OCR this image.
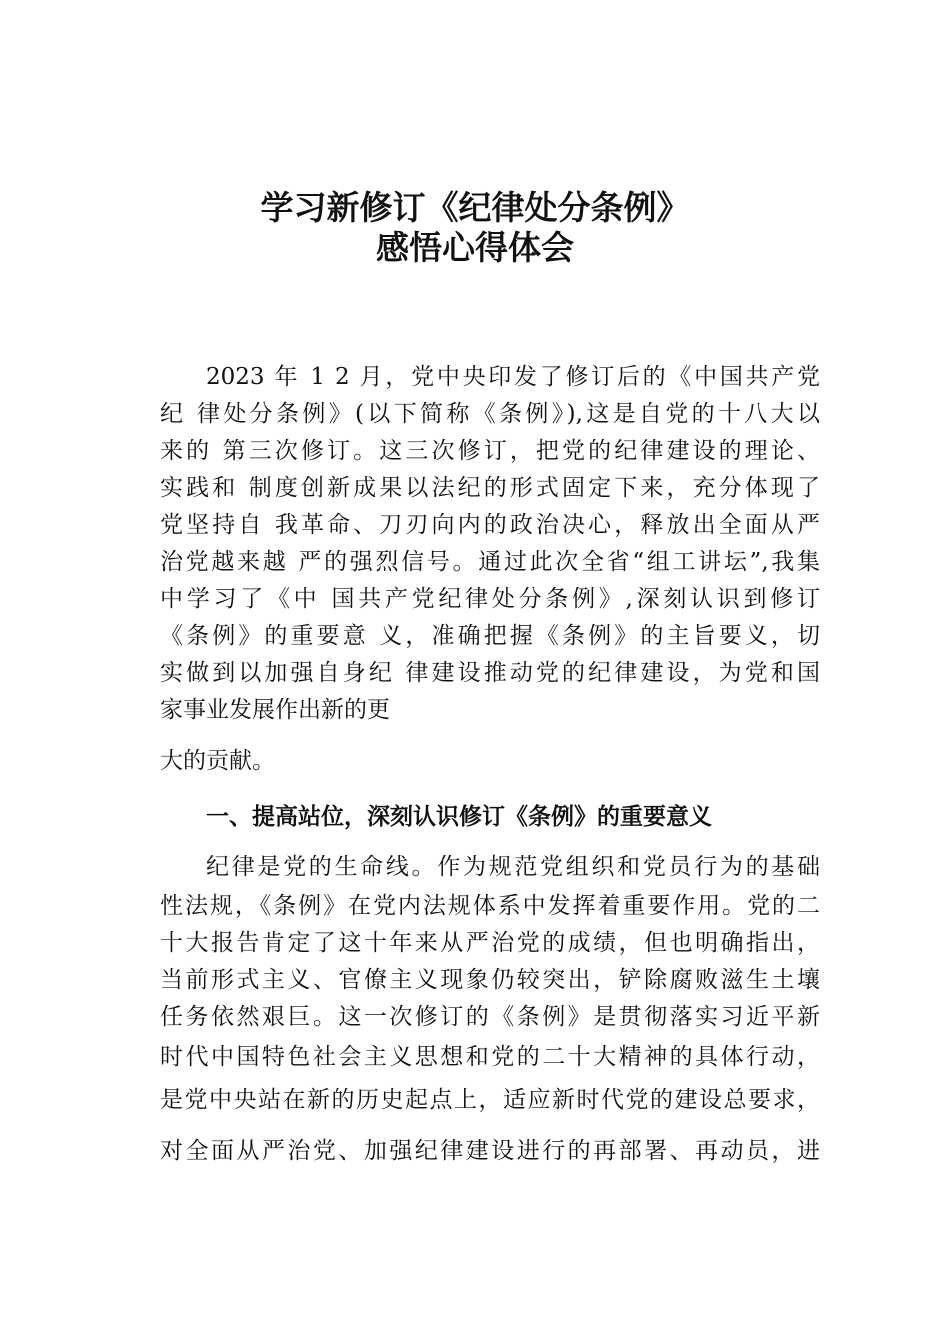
学习新修订《纪律处分条例》
感悟心得体会
2023 年 1 2 月，党中央印发了修订后的《中国共产党
纪 律处分条例》(以下简称《条例》),这是自党的十八大以
来的 第三次修订。这三次修订，把党的纪律建设的理论、
实践和 制度创新成果以法纪的形式固定下来，充分体现了
党坚持自 我革命、刀刃向内的政治决心，释放出全面从严
治党越来越 严的强烈信号。通过此次全省“组工讲坛”,我集
中学习了《中 国共产党纪律处分条例》,深刻认识到修订
《条例》的重要意 义，准确把握《条例》的主旨要义，切
实做到以加强自身纪 律建设推动党的纪律建设，为党和国
家事业发展作出新的更
大的贡献。
一、提高站位，深刻认识修订《条例》的重要意义
纪律是党的生命线。作为规范党组织和党员行为的基础
性法规，《条例》在党内法规体系中发挥着重要作用。党的二
十大报告肯定了这十年来从严治党的成绩，但也明确指出，
当前形式主义、官僚主义现象仍较突出，铲除腐败滋生土壤
任务依然艰巨。这一次修订的《条例》是贯彻落实习近平新
时代中国特色社会主义思想和党的二十大精神的具体行动，
是党中央站在新的历史起点上，适应新时代党的建设总要求，
对全面从严治党、加强纪律建设进行的再部署、再动员，进
